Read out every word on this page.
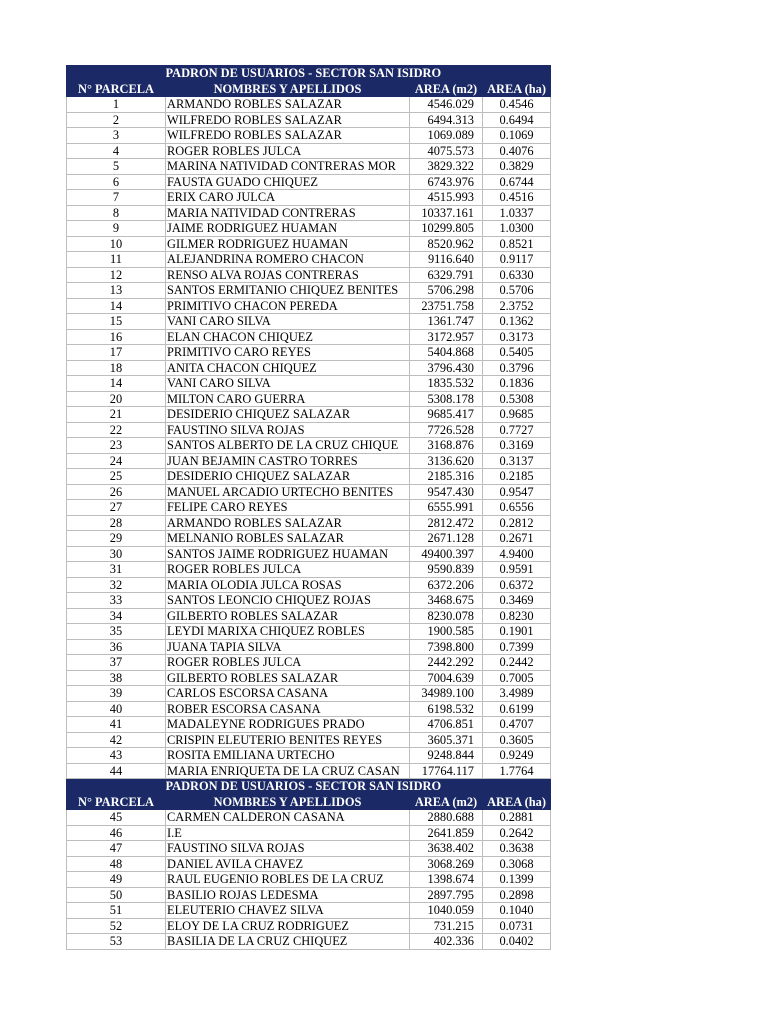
	PADRON DE USUARIOS - SECTOR SAN ISIDRO		
N° PARCELA	NOMBRES Y APELLIDOS	AREA (m2)	AREA (ha)
1	ARMANDO ROBLES SALAZAR	4546.029	0.4546
2	WILFREDO ROBLES SALAZAR	6494.313	0.6494
3	WILFREDO ROBLES SALAZAR	1069.089	0.1069
4	ROGER ROBLES JULCA	4075.573	0.4076
5	MARINA NATIVIDAD CONTRERAS MOR	3829.322	0.3829
6	FAUSTA GUADO CHIQUEZ	6743.976	0.6744
7	ERIX CARO JULCA	4515.993	0.4516
8	MARIA NATIVIDAD CONTRERAS	10337.161	1.0337
9	JAIME RODRIGUEZ HUAMAN	10299.805	1.0300
10	GILMER RODRIGUEZ HUAMAN	8520.962	0.8521
11	ALEJANDRINA ROMERO CHACON	9116.640	0.9117
12	RENSO ALVA ROJAS CONTRERAS	6329.791	0.6330
13	SANTOS ERMITANIO CHIQUEZ BENITES	5706.298	0.5706
14	PRIMITIVO CHACON PEREDA	23751.758	2.3752
15	VANI CARO SILVA	1361.747	0.1362
16	ELAN CHACON CHIQUEZ	3172.957	0.3173
17	PRIMITIVO CARO REYES	5404.868	0.5405
18	ANITA CHACON CHIQUEZ	3796.430	0.3796
14	VANI CARO SILVA	1835.532	0.1836
20	MILTON CARO GUERRA	5308.178	0.5308
21	DESIDERIO CHIQUEZ SALAZAR	9685.417	0.9685
22	FAUSTINO SILVA ROJAS	7726.528	0.7727
23	SANTOS ALBERTO DE LA CRUZ CHIQUE	3168.876	0.3169
24	JUAN BEJAMIN CASTRO TORRES	3136.620	0.3137
25	DESIDERIO CHIQUEZ SALAZAR	2185.316	0.2185
26	MANUEL ARCADIO URTECHO BENITES	9547.430	0.9547
27	FELIPE CARO REYES	6555.991	0.6556
28	ARMANDO ROBLES SALAZAR	2812.472	0.2812
29	MELNANIO ROBLES SALAZAR	2671.128	0.2671
30	SANTOS JAIME RODRIGUEZ HUAMAN	49400.397	4.9400
31	ROGER ROBLES JULCA	9590.839	0.9591
32	MARIA OLODIA JULCA ROSAS	6372.206	0.6372
33	SANTOS LEONCIO CHIQUEZ ROJAS	3468.675	0.3469
34	GILBERTO ROBLES SALAZAR	8230.078	0.8230
35	LEYDI MARIXA CHIQUEZ ROBLES	1900.585	0.1901
36	JUANA TAPIA SILVA	7398.800	0.7399
37	ROGER ROBLES JULCA	2442.292	0.2442
38	GILBERTO ROBLES SALAZAR	7004.639	0.7005
39	CARLOS ESCORSA CASANA	34989.100	3.4989
40	ROBER ESCORSA CASANA	6198.532	0.6199
41	MADALEYNE RODRIGUES PRADO	4706.851	0.4707
42	CRISPIN ELEUTERIO BENITES REYES	3605.371	0.3605
43	ROSITA EMILIANA URTECHO	9248.844	0.9249
44	MARIA ENRIQUETA DE LA CRUZ CASAN	17764.117	1.7764
	PADRON DE USUARIOS - SECTOR SAN ISIDRO		
N° PARCELA	NOMBRES Y APELLIDOS	AREA (m2)	AREA (ha)
45	CARMEN CALDERON CASANA	2880.688	0.2881
46	I.E	2641.859	0.2642
47	FAUSTINO SILVA ROJAS	3638.402	0.3638
48	DANIEL AVILA CHAVEZ	3068.269	0.3068
49	RAUL EUGENIO ROBLES DE LA CRUZ	1398.674	0.1399
50	BASILIO ROJAS LEDESMA	2897.795	0.2898
51	ELEUTERIO CHAVEZ SILVA	1040.059	0.1040
52	ELOY DE LA CRUZ RODRIGUEZ	731.215	0.0731
53	BASILIA DE LA CRUZ CHIQUEZ	402.336	0.0402
